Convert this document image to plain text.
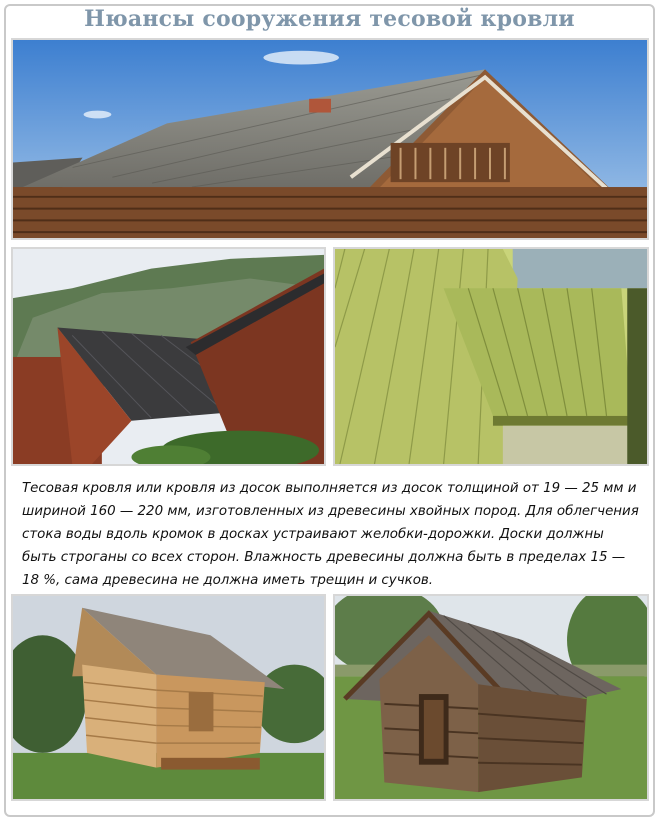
Нюансы сооружения тесовой кровли

Тесовая кровля или кровля из досок выполняется из досок толщиной от 19 — 25 мм и шириной 160 — 220 мм, изготовленных из древесины хвойных пород. Для облегчения стока воды вдоль кромок в досках устраивают желобки-дорожки. Доски должны быть строганы со всех сторон. Влажность древесины должна быть в пределах 15 — 18 %, сама древесина не должна иметь трещин и сучков.
